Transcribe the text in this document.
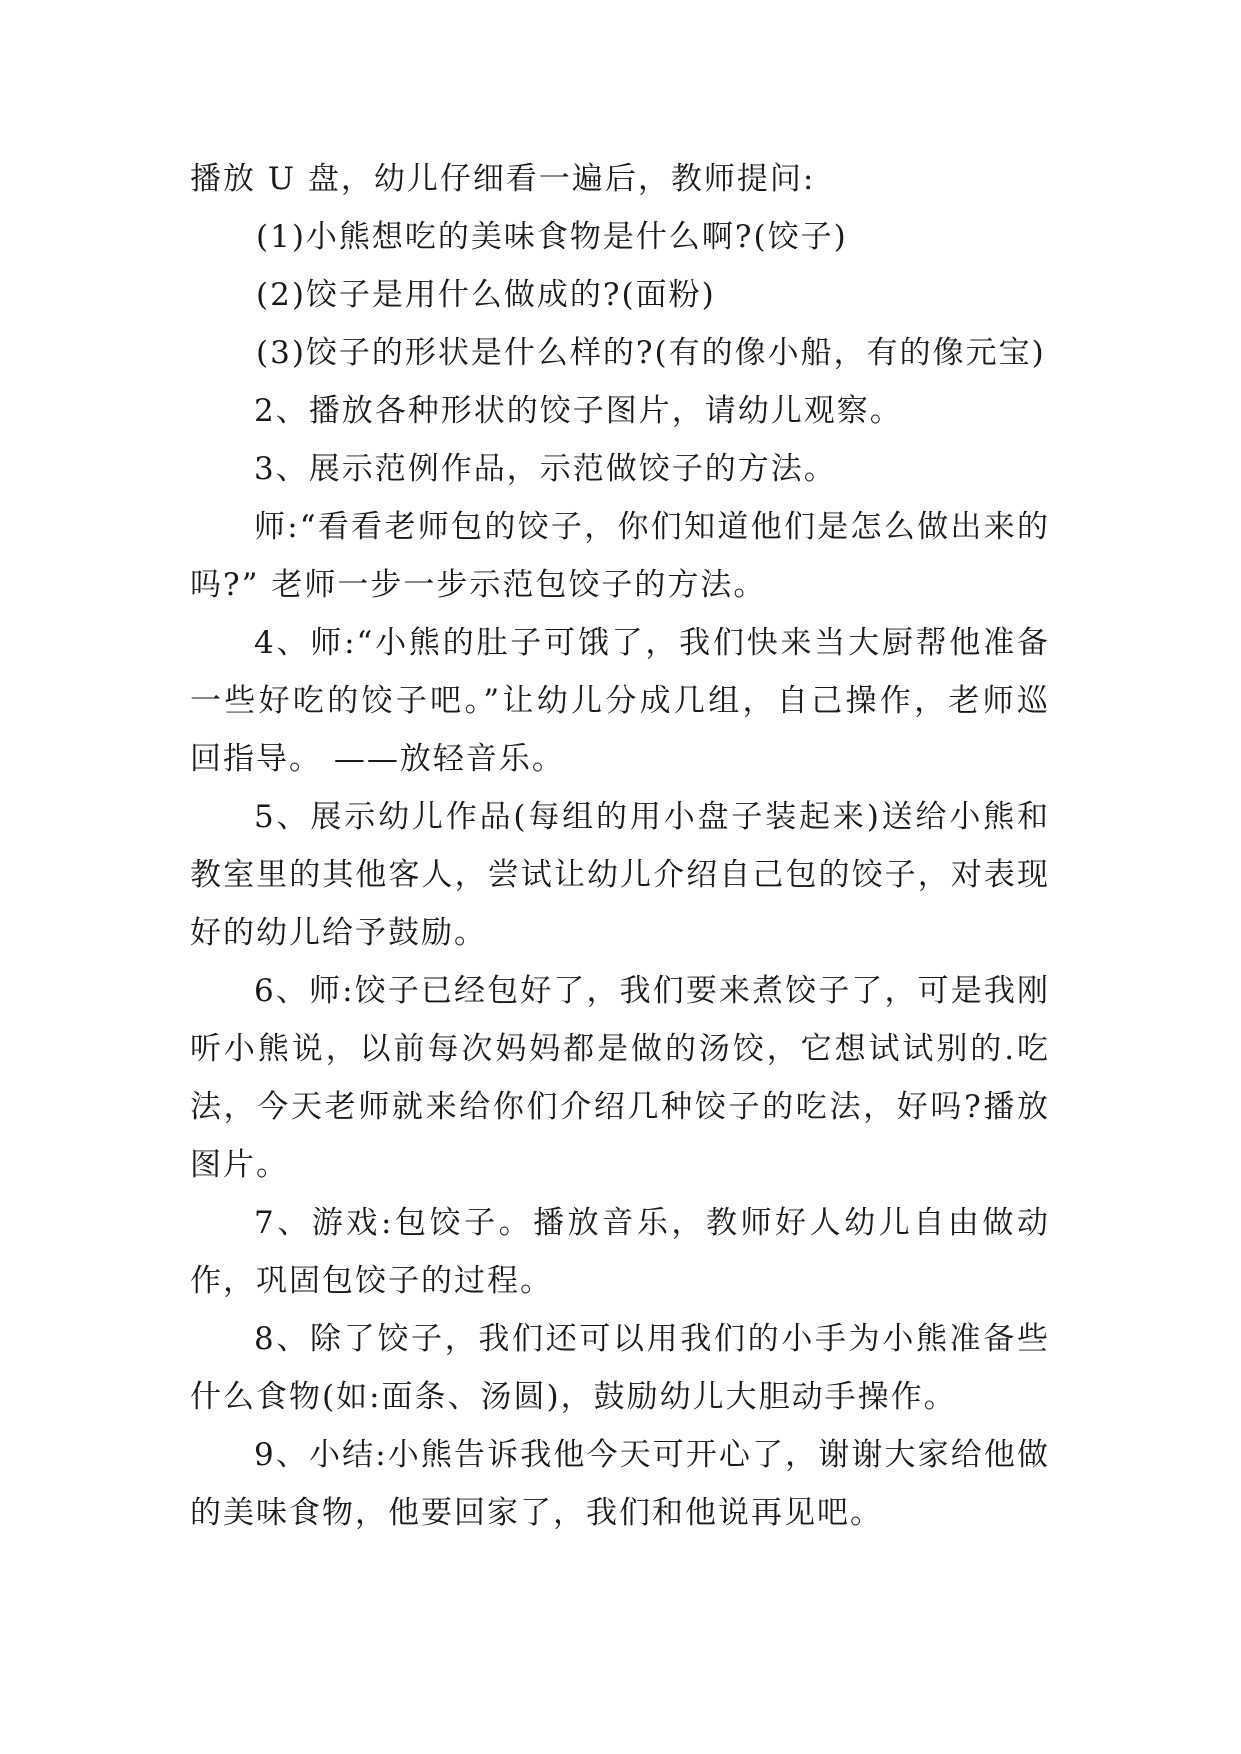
播放 U 盘，幼儿仔细看一遍后，教师提问:

(1)小熊想吃的美味食物是什么啊?(饺子)

(2)饺子是用什么做成的?(面粉)

(3)饺子的形状是什么样的?(有的像小船，有的像元宝)

2、播放各种形状的饺子图片，请幼儿观察。

3、展示范例作品，示范做饺子的方法。

师:“看看老师包的饺子，你们知道他们是怎么做出来的吗?” 老师一步一步示范包饺子的方法。

4、师:“小熊的肚子可饿了，我们快来当大厨帮他准备一些好吃的饺子吧。”让幼儿分成几组，自己操作，老师巡回指导。 ——放轻音乐。

5、展示幼儿作品(每组的用小盘子装起来)送给小熊和教室里的其他客人，尝试让幼儿介绍自己包的饺子，对表现好的幼儿给予鼓励。

6、师:饺子已经包好了，我们要来煮饺子了，可是我刚听小熊说，以前每次妈妈都是做的汤饺，它想试试别的.吃法，今天老师就来给你们介绍几种饺子的吃法，好吗?播放图片。

7、游戏:包饺子。播放音乐，教师好人幼儿自由做动作，巩固包饺子的过程。

8、除了饺子，我们还可以用我们的小手为小熊准备些什么食物(如:面条、汤圆)，鼓励幼儿大胆动手操作。

9、小结:小熊告诉我他今天可开心了，谢谢大家给他做的美味食物，他要回家了，我们和他说再见吧。
